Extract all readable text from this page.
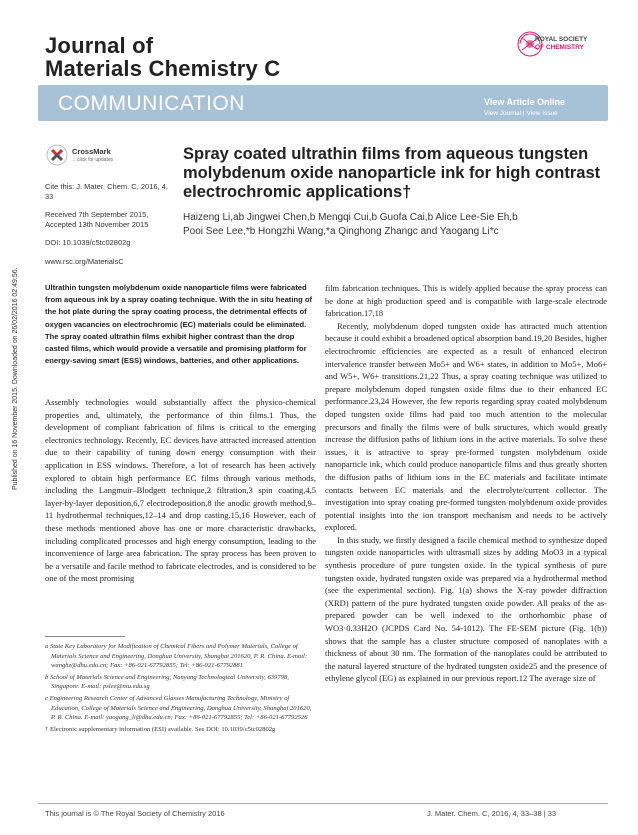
Published on 16 November 2015. Downloaded on 26/02/2016 02:49:56.
Journal of
Materials Chemistry C
ROYAL SOCIETY
OF CHEMISTRY
COMMUNICATION	View Article Online
View Journal | View Issue
CrossMark
←click for updates
Cite this: J. Mater. Chem. C, 2016, 4, 33
Received 7th September 2015,
Accepted 13th November 2015
DOI: 10.1039/c5tc02802g
www.rsc.org/MaterialsC
Spray coated ultrathin films from aqueous tungsten molybdenum oxide nanoparticle ink for high contrast electrochromic applications†
Haizeng Li,ab Jingwei Chen,b Mengqi Cui,b Guofa Cai,b Alice Lee-Sie Eh,b
Pooi See Lee,*b Hongzhi Wang,*a Qinghong Zhangc and Yaogang Li*c
Ultrathin tungsten molybdenum oxide nanoparticle films were fabricated from aqueous ink by a spray coating technique. With the in situ heating of the hot plate during the spray coating process, the detrimental effects of oxygen vacancies on electrochromic (EC) materials could be eliminated. The spray coated ultrathin films exhibit higher contrast than the drop casted films, which would provide a versatile and promising platform for energy-saving smart (ESS) windows, batteries, and other applications.

Assembly technologies would substantially affect the physico-chemical properties and, ultimately, the performance of thin films.1 Thus, the development of compliant fabrication of films is critical to the emerging electronics technology. Recently, EC devices have attracted increased attention due to their capability of tuning down energy consumption with their application in ESS windows. Therefore, a lot of research has been actively explored to obtain high performance EC films through various methods, including the Langmuir–Blodgett technique,2 filtration,3 spin coating,4,5 layer-by-layer deposition,6,7 electrodeposition,8 the anodic growth method,9–11 hydrothermal techniques,12–14 and drop casting.15,16 However, each of these methods mentioned above has one or more characteristic drawbacks, including complicated processes and high energy consumption, leading to the inconvenience of large area fabrication. The spray process has been proven to be a versatile and facile method to fabricate electrodes, and is considered to be one of the most promising

film fabrication techniques. This is widely applied because the spray process can be done at high production speed and is compatible with large-scale electrode fabrication.17,18

Recently, molybdenum doped tungsten oxide has attracted much attention because it could exhibit a broadened optical absorption band.19,20 Besides, higher electrochromic efficiencies are expected as a result of enhanced electron intervalence transfer between Mo5+ and W6+ states, in addition to Mo5+, Mo6+ and W5+, W6+ transitions.21,22 Thus, a spray coating technique was utilized to prepare molybdenum doped tungsten oxide films due to their enhanced EC performance.23,24 However, the few reports regarding spray coated molybdenum doped tungsten oxide films had paid too much attention to the molecular precursors and finally the films were of bulk structures, which would greatly increase the diffusion paths of lithium ions in the active materials. To solve these issues, it is attractive to spray pre-formed tungsten molybdenum oxide nanoparticle ink, which could produce nanoparticle films and thus greatly shorten the diffusion paths of lithium ions in the EC materials and facilitate intimate contacts between EC materials and the electrolyte/current collector. The investigation into spray coating pre-formed tungsten molybdenum oxide provides potential insights into the ion transport mechanism and needs to be actively explored.

In this study, we firstly designed a facile chemical method to synthesize doped tungsten oxide nanoparticles with ultrasmall sizes by adding MoO3 in a typical synthesis procedure of pure tungsten oxide. In the typical synthesis of pure tungsten oxide, hydrated tungsten oxide was prepared via a hydrothermal method (see the experimental section). Fig. 1(a) shows the X-ray powder diffraction (XRD) pattern of the pure hydrated tungsten oxide powder. All peaks of the as-prepared powder can be well indexed to the orthorhombic phase of WO3·0.33H2O (JCPDS Card No. 54-1012). The FE-SEM picture (Fig. 1(b)) shows that the sample has a cluster structure composed of nanoplates with a thickness of about 30 nm. The formation of the nanoplates could be attributed to the natural layered structure of the hydrated tungsten oxide25 and the presence of ethylene glycol (EG) as explained in our previous report.12 The average size of

a State Key Laboratory for Modification of Chemical Fibers and Polymer Materials, College of Materials Science and Engineering, Donghua University, Shanghai 201620, P. R. China. E-mail: wanghz@dhu.edu.cn; Fax: +86-021-67792855; Tel: +86-021-67792881
b School of Materials Science and Engineering, Nanyang Technological University, 639798, Singapore. E-mail: pslee@ntu.edu.sg
c Engineering Research Center of Advanced Glasses Manufacturing Technology, Ministry of Education, College of Materials Science and Engineering, Donghua University, Shanghai 201620, P. R. China. E-mail: yaogang_li@dhu.edu.cn; Fax: +86-021-67792855; Tel: +86-021-67792526
† Electronic supplementary information (ESI) available. See DOI: 10.1039/c5tc02802g
This journal is © The Royal Society of Chemistry 2016	J. Mater. Chem. C, 2016, 4, 33–38 | 33
